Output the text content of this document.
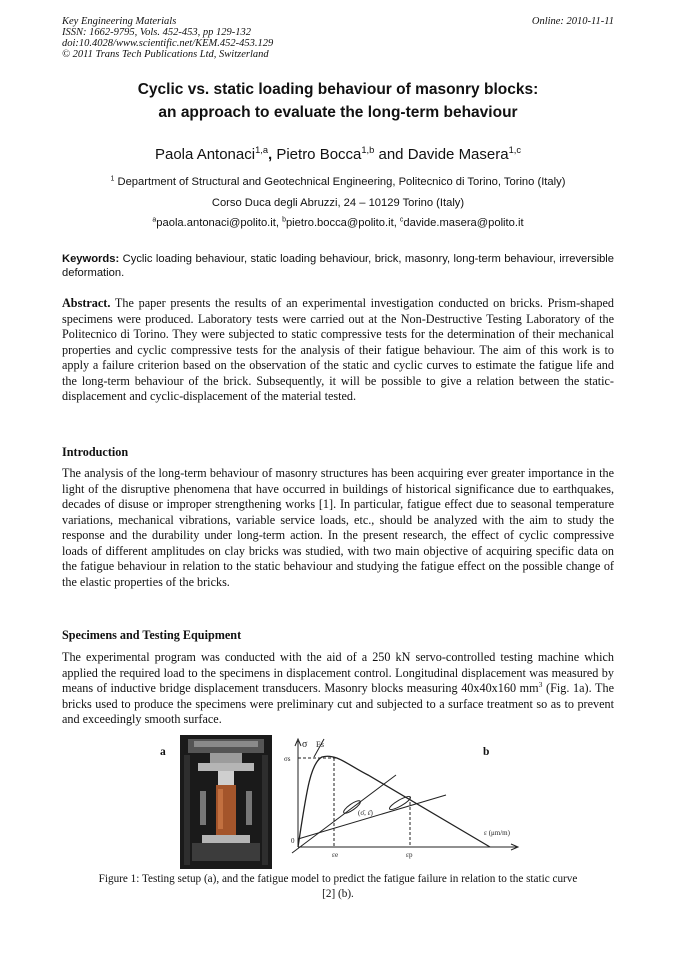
Key Engineering Materials	Online: 2010-11-11
ISSN: 1662-9795, Vols. 452-453, pp 129-132
doi:10.4028/www.scientific.net/KEM.452-453.129
© 2011 Trans Tech Publications Ltd, Switzerland
Cyclic vs. static loading behaviour of masonry blocks:
an approach to evaluate the long-term behaviour
Paola Antonaci$^{1,a}$, Pietro Bocca$^{1,b}$ and Davide Masera$^{1,c}$
$^1$ Department of Structural and Geotechnical Engineering, Politecnico di Torino, Torino (Italy)
Corso Duca degli Abruzzi, 24 – 10129 Torino (Italy)
$^a$paola.antonaci@polito.it, $^b$pietro.bocca@polito.it, $^c$davide.masera@polito.it
Keywords: Cyclic loading behaviour, static loading behaviour, brick, masonry, long-term behaviour, irreversible deformation.
Abstract. The paper presents the results of an experimental investigation conducted on bricks. Prism-shaped specimens were produced. Laboratory tests were carried out at the Non-Destructive Testing Laboratory of the Politecnico di Torino. They were subjected to static compressive tests for the determination of their mechanical properties and cyclic compressive tests for the analysis of their fatigue behaviour. The aim of this work is to apply a failure criterion based on the observation of the static and cyclic curves to estimate the fatigue life and the long-term behaviour of the brick. Subsequently, it will be possible to give a relation between the static-displacement and cyclic-displacement of the material tested.
Introduction
The analysis of the long-term behaviour of masonry structures has been acquiring ever greater importance in the light of the disruptive phenomena that have occurred in buildings of historical significance due to earthquakes, decades of disuse or improper strengthening works [1]. In particular, fatigue effect due to seasonal temperature variations, mechanical vibrations, variable service loads, etc., should be analyzed with the aim to study the response and the durability under long-term action. In the present research, the effect of cyclic compressive loads of different amplitudes on clay bricks was studied, with two main objective of acquiring specific data on the fatigue behaviour in relation to the static behaviour and studying the fatigue effect on the possible change of the elastic properties of the bricks.
Specimens and Testing Equipment
The experimental program was conducted with the aid of a 250 kN servo-controlled testing machine which applied the required load to the specimens in displacement control. Longitudinal displacement was measured by means of inductive bridge displacement transducers. Masonry blocks measuring 40x40x160 $mm^3$ (Fig. 1a). The bricks used to produce the specimens were preliminary cut and subjected to a surface treatment so as to prevent and exceedingly smooth surface.
a	b
σ
σs
Es
(σ̄, ε̄)
ε (μm/m)
εe	εp
0
Figure 1: Testing setup (a), and the fatigue model to predict the fatigue failure in relation to the static curve
[2] (b).
